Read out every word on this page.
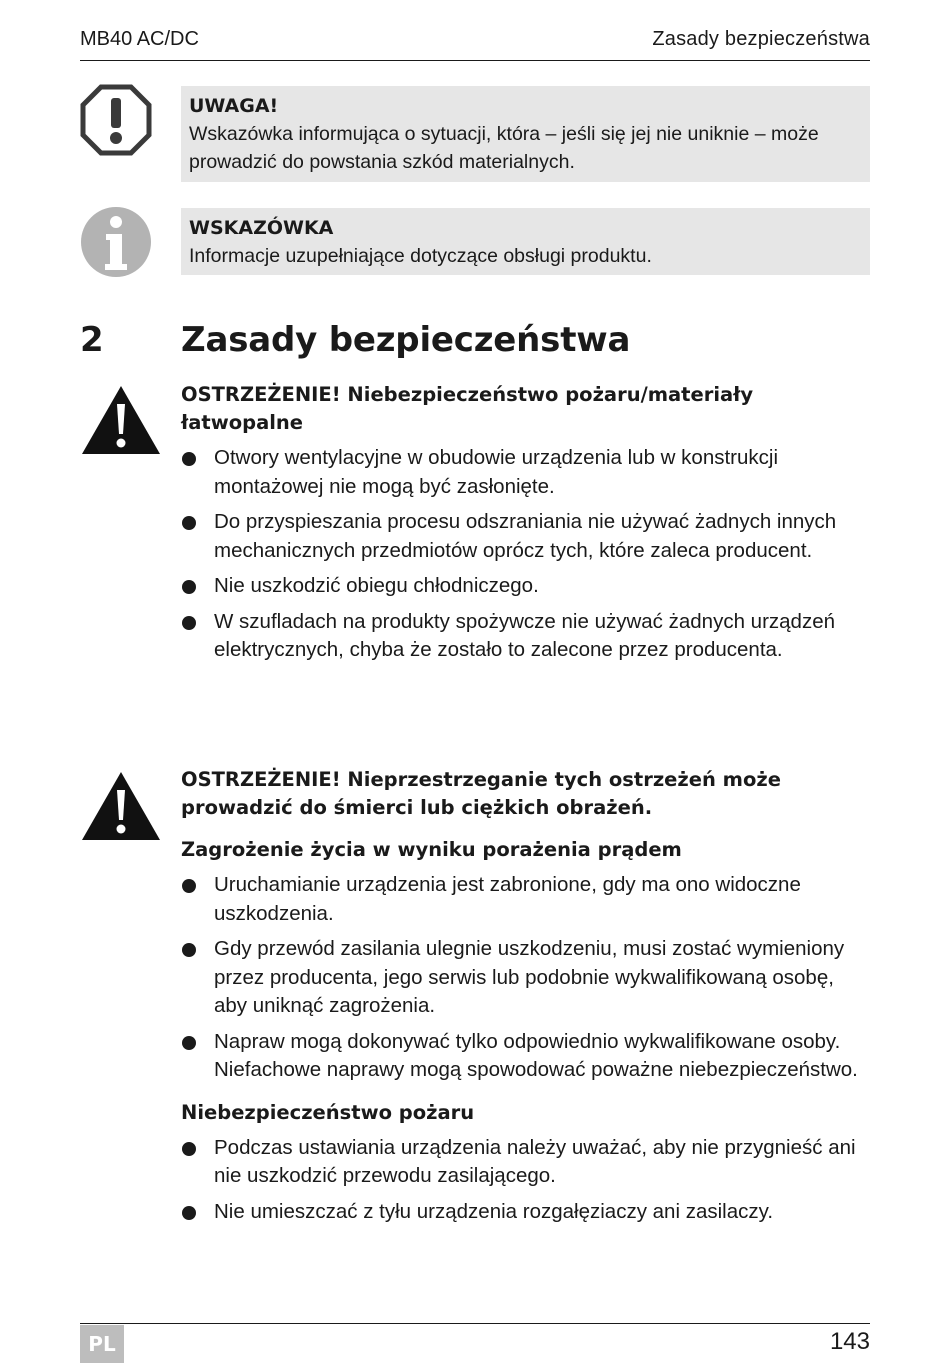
MB40 AC/DC	Zasady bezpieczeństwa
UWAGA!
Wskazówka informująca o sytuacji, która – jeśli się jej nie uniknie – może prowadzić do powstania szkód materialnych.
WSKAZÓWKA
Informacje uzupełniające dotyczące obsługi produktu.
2 Zasady bezpieczeństwa
OSTRZEŻENIE! Niebezpieczeństwo pożaru/materiały łatwopalne
Otwory wentylacyjne w obudowie urządzenia lub w konstrukcji montażowej nie mogą być zasłonięte.
Do przyspieszania procesu odszraniania nie używać żadnych innych mechanicznych przedmiotów oprócz tych, które zaleca producent.
Nie uszkodzić obiegu chłodniczego.
W szufladach na produkty spożywcze nie używać żadnych urządzeń elektrycznych, chyba że zostało to zalecone przez producenta.
OSTRZEŻENIE! Nieprzestrzeganie tych ostrzeżeń może prowadzić do śmierci lub ciężkich obrażeń.
Zagrożenie życia w wyniku porażenia prądem
Uruchamianie urządzenia jest zabronione, gdy ma ono widoczne uszkodzenia.
Gdy przewód zasilania ulegnie uszkodzeniu, musi zostać wymieniony przez producenta, jego serwis lub podobnie wykwalifikowaną osobę, aby uniknąć zagrożenia.
Napraw mogą dokonywać tylko odpowiednio wykwalifikowane osoby. Niefachowe naprawy mogą spowodować poważne niebezpieczeństwo.
Niebezpieczeństwo pożaru
Podczas ustawiania urządzenia należy uważać, aby nie przygnieść ani nie uszkodzić przewodu zasilającego.
Nie umieszczać z tyłu urządzenia rozgałęziaczy ani zasilaczy.
PL	143
